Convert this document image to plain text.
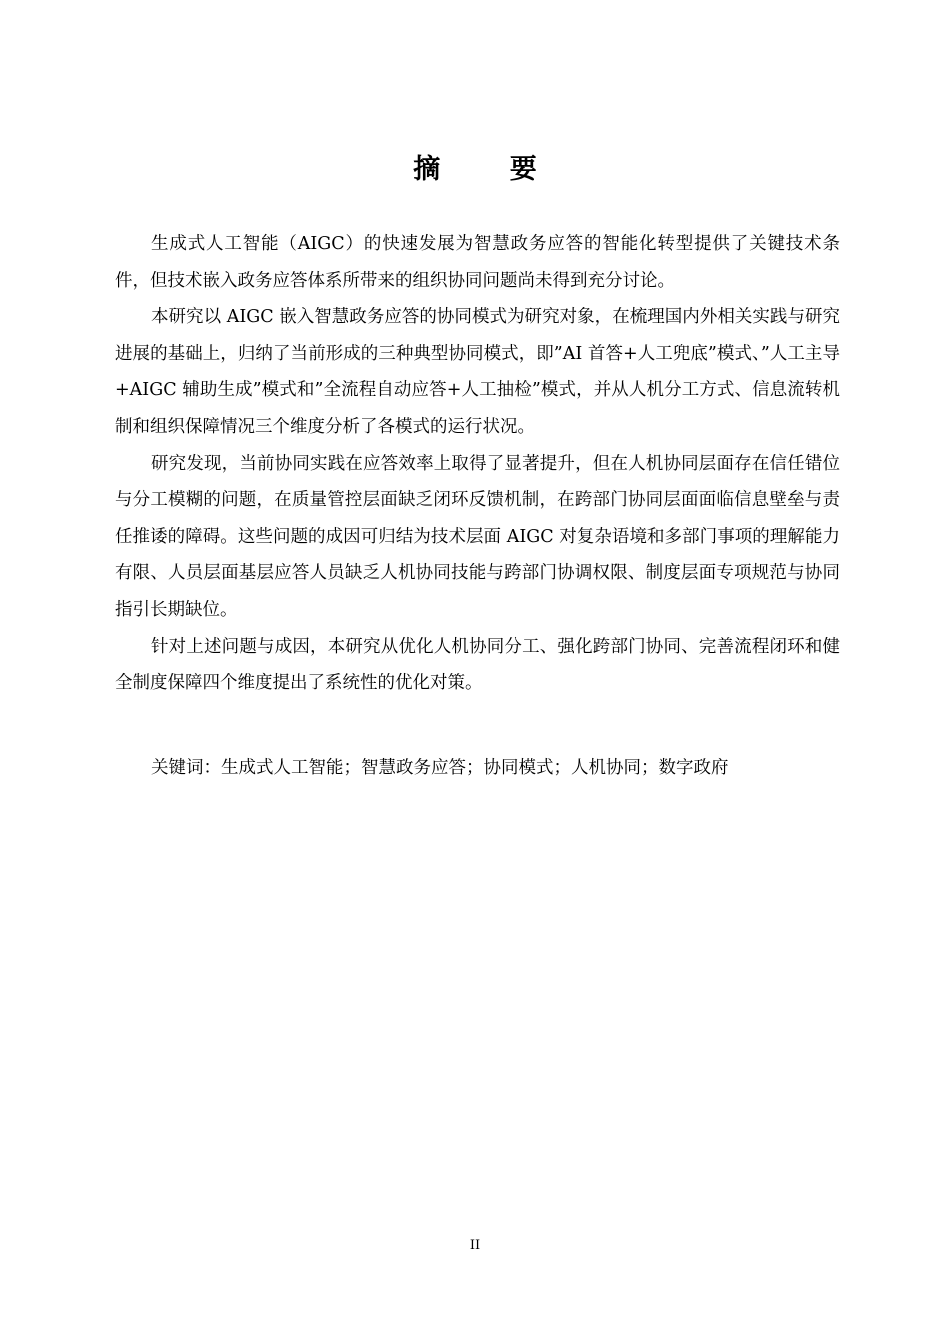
摘 要

生成式人工智能（AIGC）的快速发展为智慧政务应答的智能化转型提供了关键技术条件，但技术嵌入政务应答体系所带来的组织协同问题尚未得到充分讨论。

本研究以 AIGC 嵌入智慧政务应答的协同模式为研究对象，在梳理国内外相关实践与研究进展的基础上，归纳了当前形成的三种典型协同模式，即”AI 首答+人工兜底”模式、”人工主导+AIGC 辅助生成”模式和”全流程自动应答+人工抽检”模式，并从人机分工方式、信息流转机制和组织保障情况三个维度分析了各模式的运行状况。

研究发现，当前协同实践在应答效率上取得了显著提升，但在人机协同层面存在信任错位与分工模糊的问题，在质量管控层面缺乏闭环反馈机制，在跨部门协同层面面临信息壁垒与责任推诿的障碍。这些问题的成因可归结为技术层面 AIGC 对复杂语境和多部门事项的理解能力有限、人员层面基层应答人员缺乏人机协同技能与跨部门协调权限、制度层面专项规范与协同指引长期缺位。

针对上述问题与成因，本研究从优化人机协同分工、强化跨部门协同、完善流程闭环和健全制度保障四个维度提出了系统性的优化对策。

关键词：生成式人工智能；智慧政务应答；协同模式；人机协同；数字政府
II
